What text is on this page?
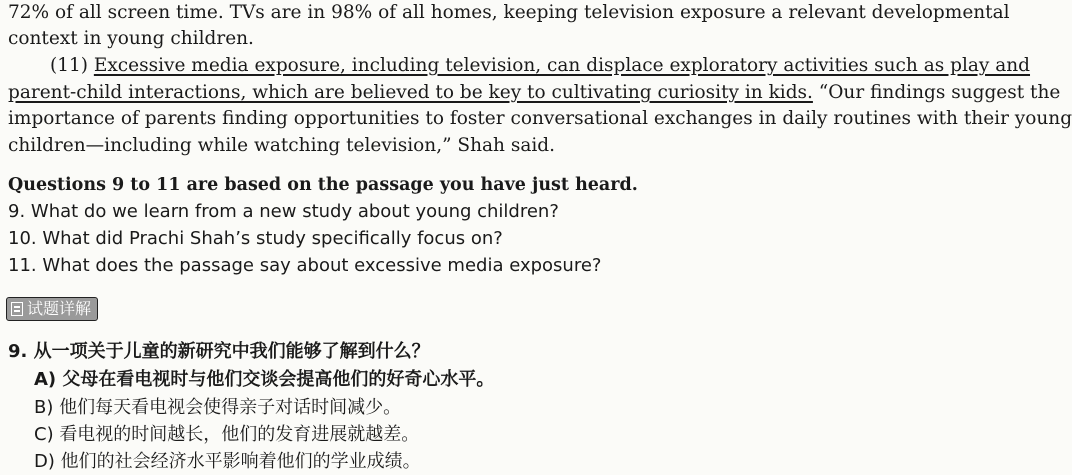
72% of all screen time. TVs are in 98% of all homes, keeping television exposure a relevant developmental
context in young children.
(11) Excessive media exposure, including television, can displace exploratory activities such as play and
parent-child interactions, which are believed to be key to cultivating curiosity in kids. “Our findings suggest the
importance of parents finding opportunities to foster conversational exchanges in daily routines with their young
children—including while watching television,” Shah said.
Questions 9 to 11 are based on the passage you have just heard.
9. What do we learn from a new study about young children?
10. What did Prachi Shah’s study specifically focus on?
11. What does the passage say about excessive media exposure?
试题详解
9. 从一项关于儿童的新研究中我们能够了解到什么？
A) 父母在看电视时与他们交谈会提高他们的好奇心水平。
B) 他们每天看电视会使得亲子对话时间减少。
C) 看电视的时间越长，他们的发育进展就越差。
D) 他们的社会经济水平影响着他们的学业成绩。
